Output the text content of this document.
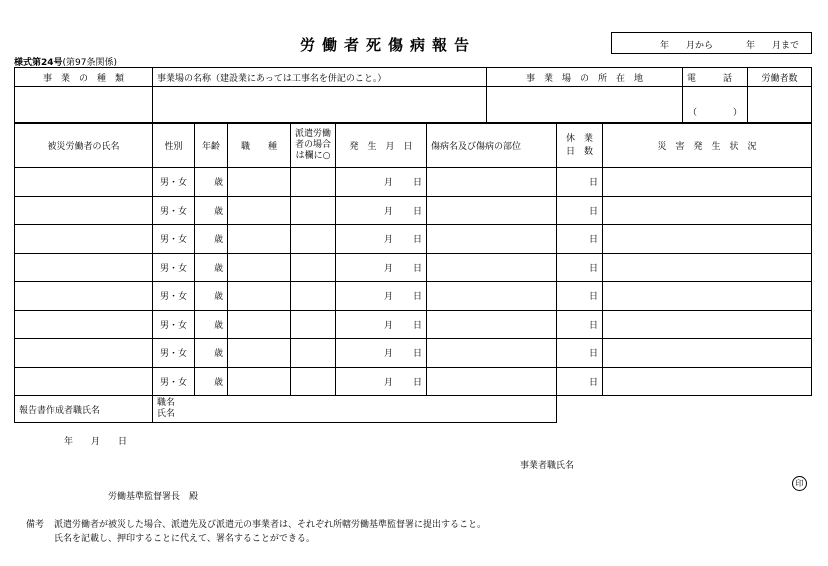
労働者死傷病報告	年 月から	年 月まで
様式第24号(第97条関係)
事　業　の　種　類	事業場の名称（建設業にあっては工事名を併記のこと。）	事　業　場　の　所　在　地	電　　　話	労働者数
			（　　　　）	
被災労働者の氏名	性別	年齢	職　　種	派遣労働者の場合は欄に○	発　生　月　日	傷病名及び傷病の部位	休　業
日　数	災　害　発　生　状　況
	男・女	歳			月 日		日	
	男・女	歳			月 日		日	
	男・女	歳			月 日		日	
	男・女	歳			月 日		日	
	男・女	歳			月 日		日	
	男・女	歳			月 日		日	
	男・女	歳			月 日		日	
	男・女	歳			月 日		日	
報告書作成者職氏名	職名
氏名							
年 月 日
事業者職氏名
印
労働基準監督署長　殿
備考 派遣労働者が被災した場合、派遣先及び派遣元の事業者は、それぞれ所轄労働基準監督署に提出すること。
氏名を記載し、押印することに代えて、署名することができる。
